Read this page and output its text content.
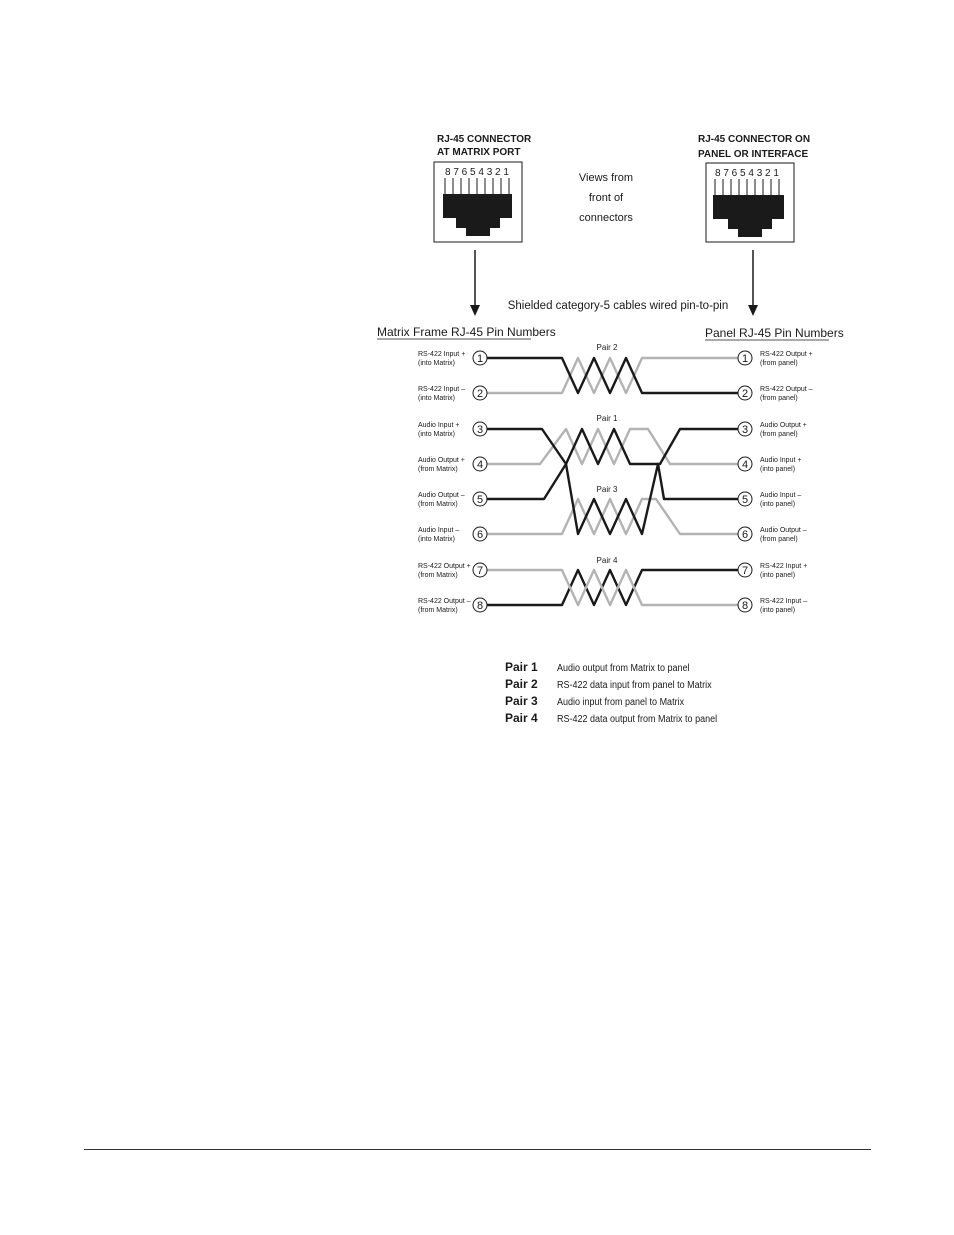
RJ-45 CONNECTOR
AT MATRIX PORT
8 7 6 5 4 3 2 1
RJ-45 CONNECTOR ON
PANEL OR INTERFACE
8 7 6 5 4 3 2 1
Views from
front of
connectors
Shielded category-5 cables wired pin-to-pin
Matrix Frame RJ-45 Pin Numbers	Panel RJ-45 Pin Numbers
Pair 2
Pair 1
Pair 3
Pair 4
1
RS-422 Input +
(into Matrix)	1 RS-422 Output +
(from panel)
2
RS-422 Input –
(into Matrix)	2 RS-422 Output –
(from panel)
3
Audio Input +
(into Matrix)	3 Audio Output +
(from panel)
4
Audio Output +
(from Matrix)	4 Audio Input +
(into panel)
5
Audio Output –
(from Matrix)	5 Audio Input –
(into panel)
6
Audio Input –
(into Matrix)	6 Audio Output –
(from panel)
7
RS-422 Output +
(from Matrix)	7 RS-422 Input +
(into panel)
8
RS-422 Output –
(from Matrix)	8 RS-422 Input –
(into panel)
Pair 1	Audio output from Matrix to panel
Pair 2	RS-422 data input from panel to Matrix
Pair 3	Audio input from panel to Matrix
Pair 4	RS-422 data output from Matrix to panel
